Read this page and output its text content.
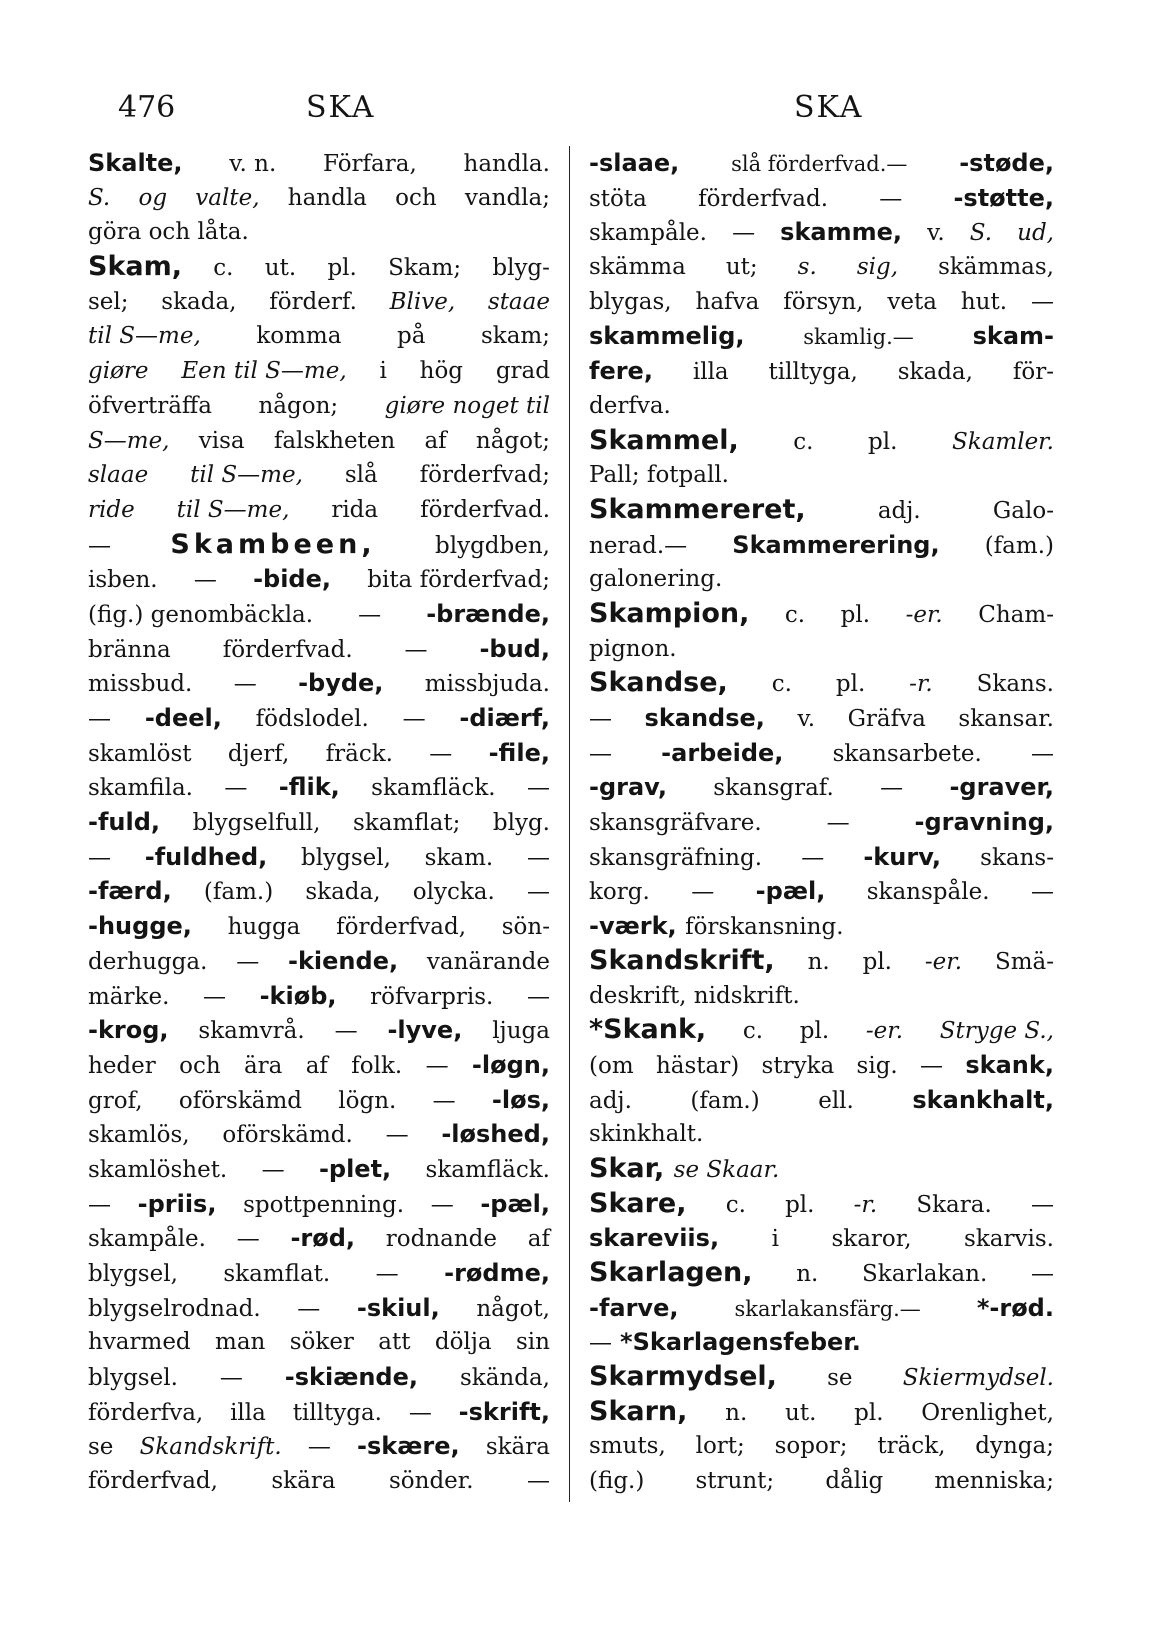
476	SKA	SKA
Skalte, v. n. Förfara, handla.
S. og valte, handla och vandla;
göra och låta.
Skam, c. ut. pl. Skam; blyg-
sel; skada, förderf. Blive, staae
til S—me, komma på skam;
giøre Een til S—me, i hög grad
öfverträffa någon; giøre noget til
S—me, visa falskheten af något;
slaae til S—me, slå förderfvad;
ride til S—me, rida förderfvad.
— Skambeen,	blygdben,
isben. — -bide, bita förderfvad;
(fig.) genombäckla. — -brænde,
bränna förderfvad. — -bud,
missbud. — -byde, missbjuda.
— -deel, födslodel. — -diærf,
skamlöst djerf, fräck. — -file,
skamfila. — -flik, skamfläck. —
-fuld, blygselfull, skamflat; blyg.
— -fuldhed, blygsel, skam. —
-færd, (fam.) skada, olycka. —
-hugge, hugga förderfvad, sön-
derhugga. — -kiende, vanärande
märke. — -kiøb, röfvarpris. —
-krog, skamvrå. — -lyve, ljuga
heder och ära af folk. — -løgn,
grof, oförskämd lögn. — -løs,
skamlös, oförskämd. — -løshed,
skamlöshet. — -plet, skamfläck.
— -priis, spottpenning. — -pæl,
skampåle. — -rød, rodnande af
blygsel, skamflat. — -rødme,
blygselrodnad. — -skiul, något,
hvarmed man söker att dölja sin
blygsel. — -skiænde, skända,
förderfva, illa tilltyga. — -skrift,
se Skandskrift. — -skære, skära
förderfvad, skära sönder. —
-slaae, slå förderfvad.— -støde,
stöta förderfvad. — -støtte,
skampåle. — skamme, v. S. ud,
skämma ut; s. sig, skämmas,
blygas, hafva försyn, veta hut. —
skammelig,	skamlig.— skam-
fere, illa tilltyga, skada, för-
derfva.
Skammel, c. pl. Skamler.
Pall; fotpall.
Skammereret,	adj.	Galo-
nerad.— Skammerering, (fam.)
galonering.
Skampion, c. pl. -er. Cham-
pignon.
Skandse, c. pl. -r. Skans.
— skandse, v. Gräfva skansar.
— -arbeide, skansarbete. —
-grav, skansgraf. — -graver,
skansgräfvare.	—	-gravning,
skansgräfning. — -kurv, skans-
korg. — -pæl, skanspåle. —
-værk, förskansning.
Skandskrift, n. pl. -er. Smä-
deskrift, nidskrift.
*Skank, c. pl. -er. Stryge S.,
(om hästar) stryka sig. — skank,
adj.	(fam.)	ell. skankhalt,
skinkhalt.
Skar, se Skaar.
Skare, c. pl. -r. Skara. —
skareviis, i skaror, skarvis.
Skarlagen, n. Skarlakan. —
-farve,	skarlakansfärg.— *-rød.
— *Skarlagensfeber.
Skarmydsel, se Skiermydsel.
Skarn, n. ut. pl. Orenlighet,
smuts, lort; sopor; träck, dynga;
(fig.) strunt; dålig menniska;
